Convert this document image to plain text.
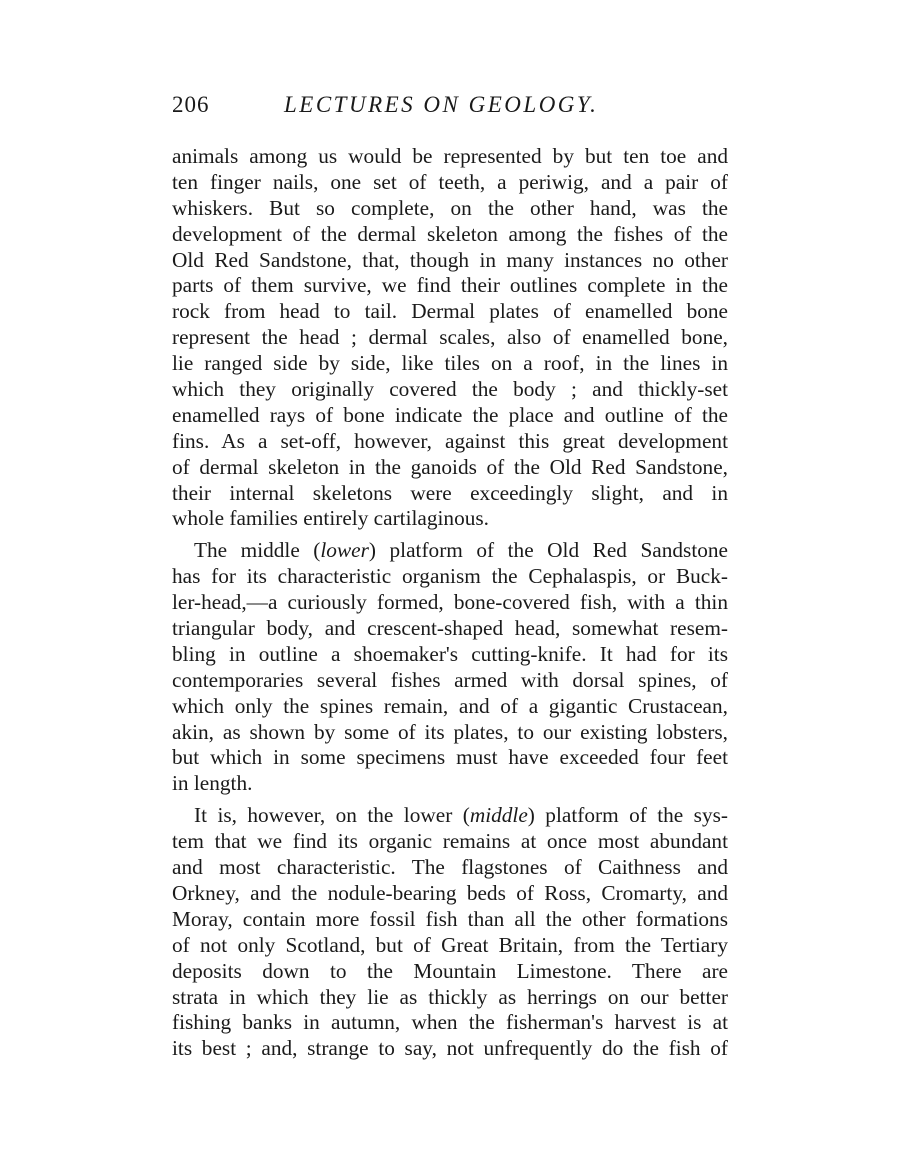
206	LECTURES ON GEOLOGY.

animals among us would be represented by but ten toe and
ten finger nails, one set of teeth, a periwig, and a pair of
whiskers. But so complete, on the other hand, was the
development of the dermal skeleton among the fishes of the
Old Red Sandstone, that, though in many instances no other
parts of them survive, we find their outlines complete in the
rock from head to tail. Dermal plates of enamelled bone
represent the head ; dermal scales, also of enamelled bone,
lie ranged side by side, like tiles on a roof, in the lines in
which they originally covered the body ; and thickly-set
enamelled rays of bone indicate the place and outline of the
fins. As a set-off, however, against this great development
of dermal skeleton in the ganoids of the Old Red Sandstone,
their internal skeletons were exceedingly slight, and in
whole families entirely cartilaginous.

The middle (lower) platform of the Old Red Sandstone
has for its characteristic organism the Cephalaspis, or Buck-
ler-head,—a curiously formed, bone-covered fish, with a thin
triangular body, and crescent-shaped head, somewhat resem-
bling in outline a shoemaker's cutting-knife. It had for its
contemporaries several fishes armed with dorsal spines, of
which only the spines remain, and of a gigantic Crustacean,
akin, as shown by some of its plates, to our existing lobsters,
but which in some specimens must have exceeded four feet
in length.

It is, however, on the lower (middle) platform of the sys-
tem that we find its organic remains at once most abundant
and most characteristic. The flagstones of Caithness and
Orkney, and the nodule-bearing beds of Ross, Cromarty, and
Moray, contain more fossil fish than all the other formations
of not only Scotland, but of Great Britain, from the Tertiary
deposits down to the Mountain Limestone. There are
strata in which they lie as thickly as herrings on our better
fishing banks in autumn, when the fisherman's harvest is at
its best ; and, strange to say, not unfrequently do the fish of
